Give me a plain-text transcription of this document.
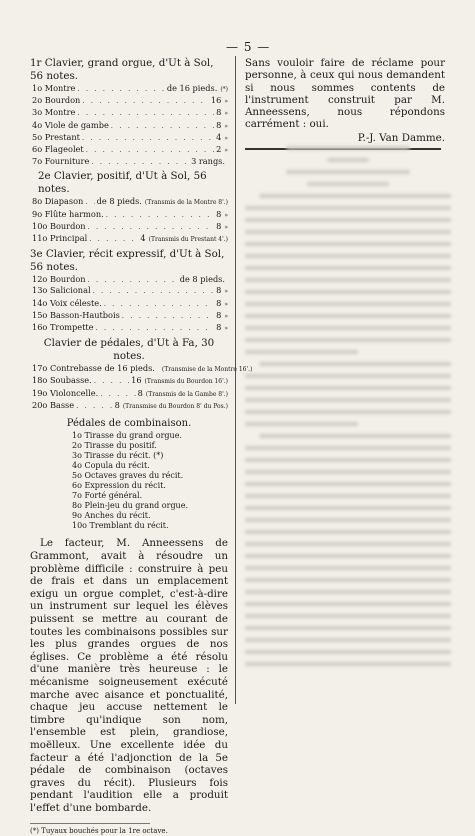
— 5 —

1r Clavier, grand orgue, d'Ut à Sol, 56 notes.

1o Montre . . .	de 16 pieds. (*)
2o Bourdon . . .	16 »
3o Montre . . .	8 »
4o Viole de gambe . . .	8 »
5o Prestant . . .	4 »
6o Flageolet . . .	2 »
7o Fourniture . . .	3 rangs.

2e Clavier, positif, d'Ut à Sol, 56 notes.

8o Diapason . . . de 8 pieds. (Transmis de la Montre 8'.)
9o Flûte harmon. . . .	8 »
10o Bourdon . . .	8 »
11o Principal . . .	4 (Transmis du Prestant 4'.)

3e Clavier, récit expressif, d'Ut à Sol, 56 notes.

12o Bourdon . . .	de 8 pieds.
13o Salicional . . .	8 »
14o Voix céleste. . . .	8 »
15o Basson-Hautbois . . .	8 »
16o Trompette . . .	8 »

Clavier de pédales, d'Ut à Fa, 30 notes.

17o Contrebasse de 16 pieds. (Transmise de la Montre 16'.)
18o Soubasse. . . .	16 (Transmis du Bourdon 16'.)
19o Violoncelle. . . .	8 (Transmis de la Gambe 8'.)
20o Basse . . .	8 (Transmise du Bourdon 8' du Pos.)

Pédales de combinaison.

1o Tirasse du grand orgue.
2o Tirasse du positif.
3o Tirasse du récit. (*)
4o Copula du récit.
5o Octaves graves du récit.
6o Expression du récit.
7o Forté général.
8o Plein-jeu du grand orgue.
9o Anches du récit.
10o Tremblant du récit.

Le facteur, M. Anneessens de Grammont, avait à résoudre un problème difficile : construire à peu de frais et dans un emplacement exigu un orgue complet, c'est-à-dire un instrument sur lequel les élèves puissent se mettre au courant de toutes les combinaisons possibles sur les plus grandes orgues de nos églises. Ce problème a été résolu d'une manière très heureuse : le mécanisme soigneusement exécuté marche avec aisance et ponctualité, chaque jeu accuse nettement le timbre qu'indique son nom, l'ensemble est plein, grandiose, moëlleux. Une excellente idée du facteur a été l'adjonction de la 5e pédale de combinaison (octaves graves du récit). Plusieurs fois pendant l'audition elle a produit l'effet d'une bombarde.

(*) Tuyaux bouchés pour la 1re octave.

Sans vouloir faire de réclame pour personne, à ceux qui nous demandent si nous sommes contents de l'instrument construit par M. Anneessens, nous répondons carrément : oui.

P.-J. Van Damme.
